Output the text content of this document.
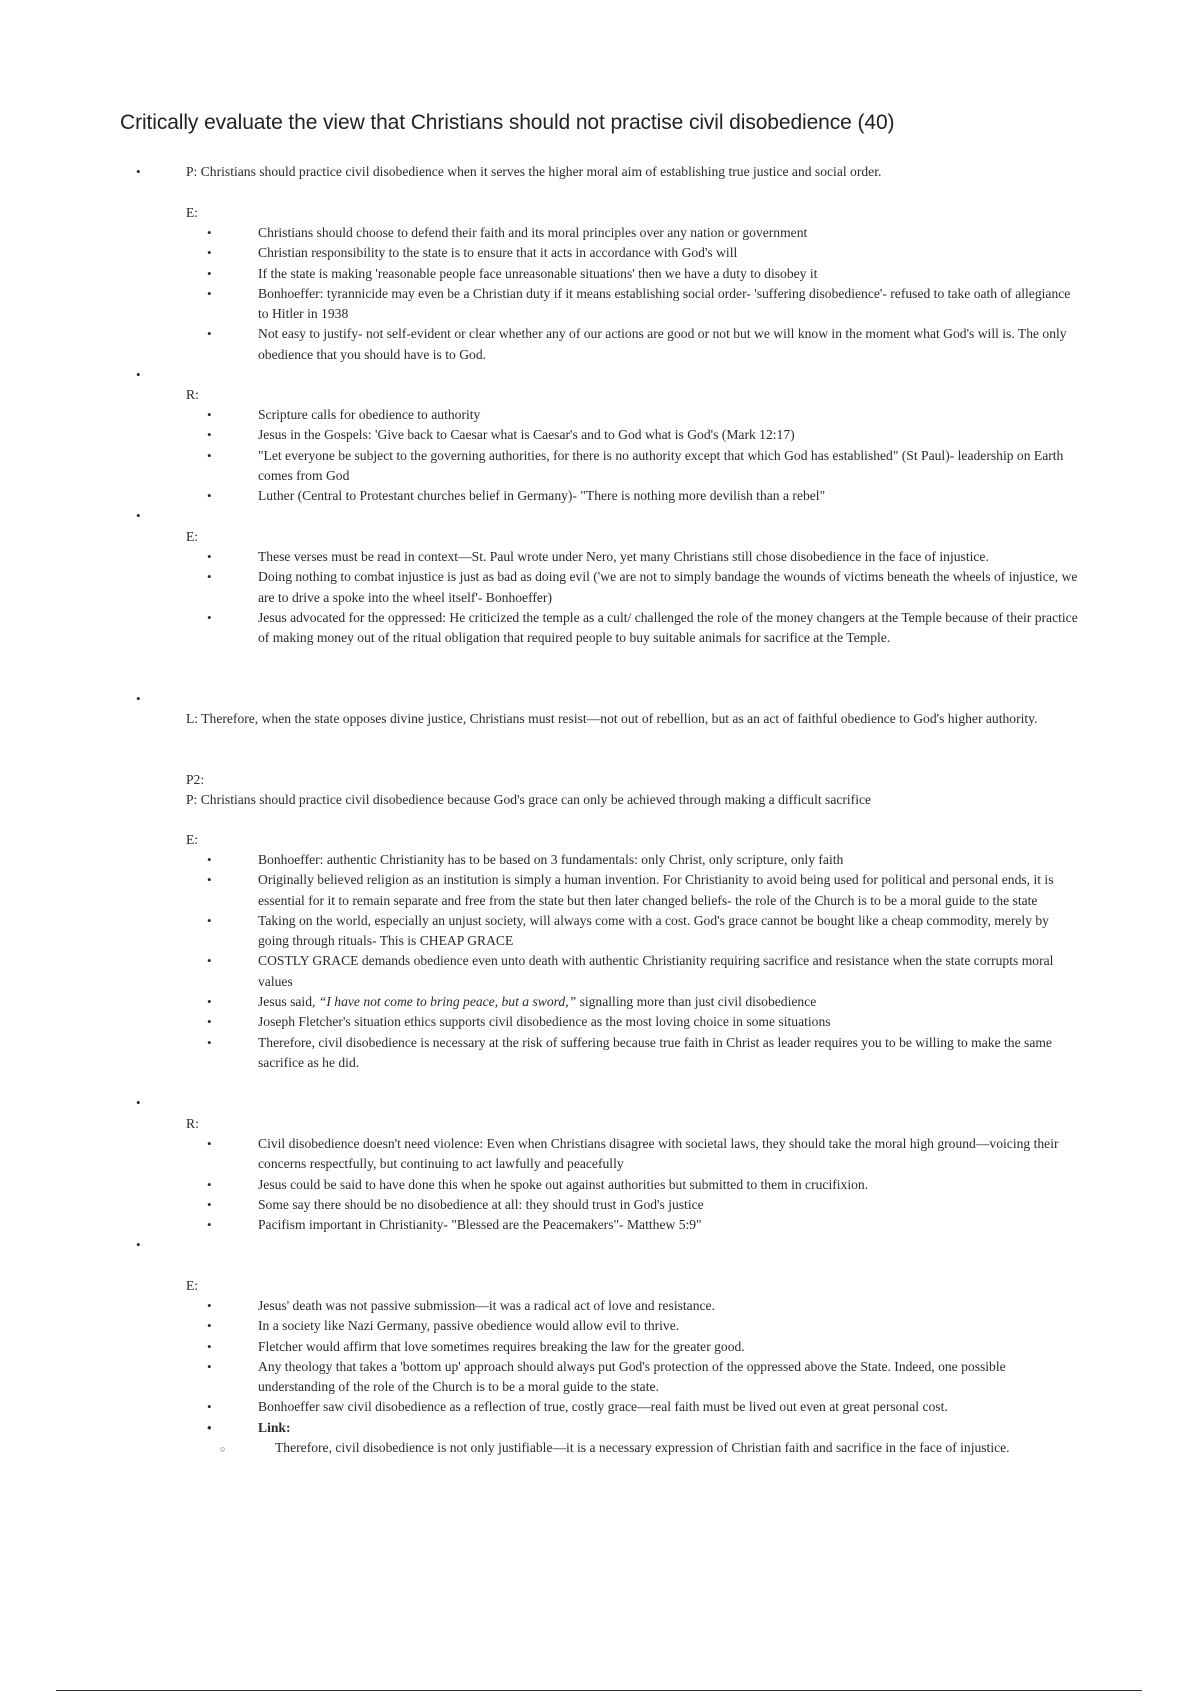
Critically evaluate the view that Christians should not practise civil disobedience (40)
•	P: Christians should practice civil disobedience when it serves the higher moral aim of establishing true justice and social order.
E:
• Christians should choose to defend their faith and its moral principles over any nation or government
• Christian responsibility to the state is to ensure that it acts in accordance with God's will
• If the state is making 'reasonable people face unreasonable situations' then we have a duty to disobey it
• Bonhoeffer: tyrannicide may even be a Christian duty if it means establishing social order- 'suffering disobedience'- refused to take oath of allegiance to Hitler in 1938
• Not easy to justify- not self-evident or clear whether any of our actions are good or not but we will know in the moment what God's will is. The only obedience that you should have is to God.
•
R:
• Scripture calls for obedience to authority
• Jesus in the Gospels: 'Give back to Caesar what is Caesar's and to God what is God's (Mark 12:17)
• "Let everyone be subject to the governing authorities, for there is no authority except that which God has established" (St Paul)- leadership on Earth comes from God
• Luther (Central to Protestant churches belief in Germany)- "There is nothing more devilish than a rebel"
•
E:
• These verses must be read in context—St. Paul wrote under Nero, yet many Christians still chose disobedience in the face of injustice.
• Doing nothing to combat injustice is just as bad as doing evil ('we are not to simply bandage the wounds of victims beneath the wheels of injustice, we are to drive a spoke into the wheel itself'- Bonhoeffer)
• Jesus advocated for the oppressed: He criticized the temple as a cult/ challenged the role of the money changers at the Temple because of their practice of making money out of the ritual obligation that required people to buy suitable animals for sacrifice at the Temple.
•
L: Therefore, when the state opposes divine justice, Christians must resist—not out of rebellion, but as an act of faithful obedience to God's higher authority.
P2:
P: Christians should practice civil disobedience because God's grace can only be achieved through making a difficult sacrifice
E:
• Bonhoeffer: authentic Christianity has to be based on 3 fundamentals: only Christ, only scripture, only faith
• Originally believed religion as an institution is simply a human invention. For Christianity to avoid being used for political and personal ends, it is essential for it to remain separate and free from the state but then later changed beliefs- the role of the Church is to be a moral guide to the state
• Taking on the world, especially an unjust society, will always come with a cost. God's grace cannot be bought like a cheap commodity, merely by going through rituals- This is CHEAP GRACE
• COSTLY GRACE demands obedience even unto death with authentic Christianity requiring sacrifice and resistance when the state corrupts moral values
• Jesus said, “I have not come to bring peace, but a sword,” signalling more than just civil disobedience
• Joseph Fletcher's situation ethics supports civil disobedience as the most loving choice in some situations
• Therefore, civil disobedience is necessary at the risk of suffering because true faith in Christ as leader requires you to be willing to make the same sacrifice as he did.
•
R:
• Civil disobedience doesn't need violence: Even when Christians disagree with societal laws, they should take the moral high ground—voicing their concerns respectfully, but continuing to act lawfully and peacefully
• Jesus could be said to have done this when he spoke out against authorities but submitted to them in crucifixion.
• Some say there should be no disobedience at all: they should trust in God's justice
• Pacifism important in Christianity- "Blessed are the Peacemakers"- Matthew 5:9"
•
E:
• Jesus' death was not passive submission—it was a radical act of love and resistance.
• In a society like Nazi Germany, passive obedience would allow evil to thrive.
• Fletcher would affirm that love sometimes requires breaking the law for the greater good.
• Any theology that takes a 'bottom up' approach should always put God's protection of the oppressed above the State. Indeed, one possible understanding of the role of the Church is to be a moral guide to the state.
• Bonhoeffer saw civil disobedience as a reflection of true, costly grace—real faith must be lived out even at great personal cost.
• Link:
○ Therefore, civil disobedience is not only justifiable—it is a necessary expression of Christian faith and sacrifice in the face of injustice.
